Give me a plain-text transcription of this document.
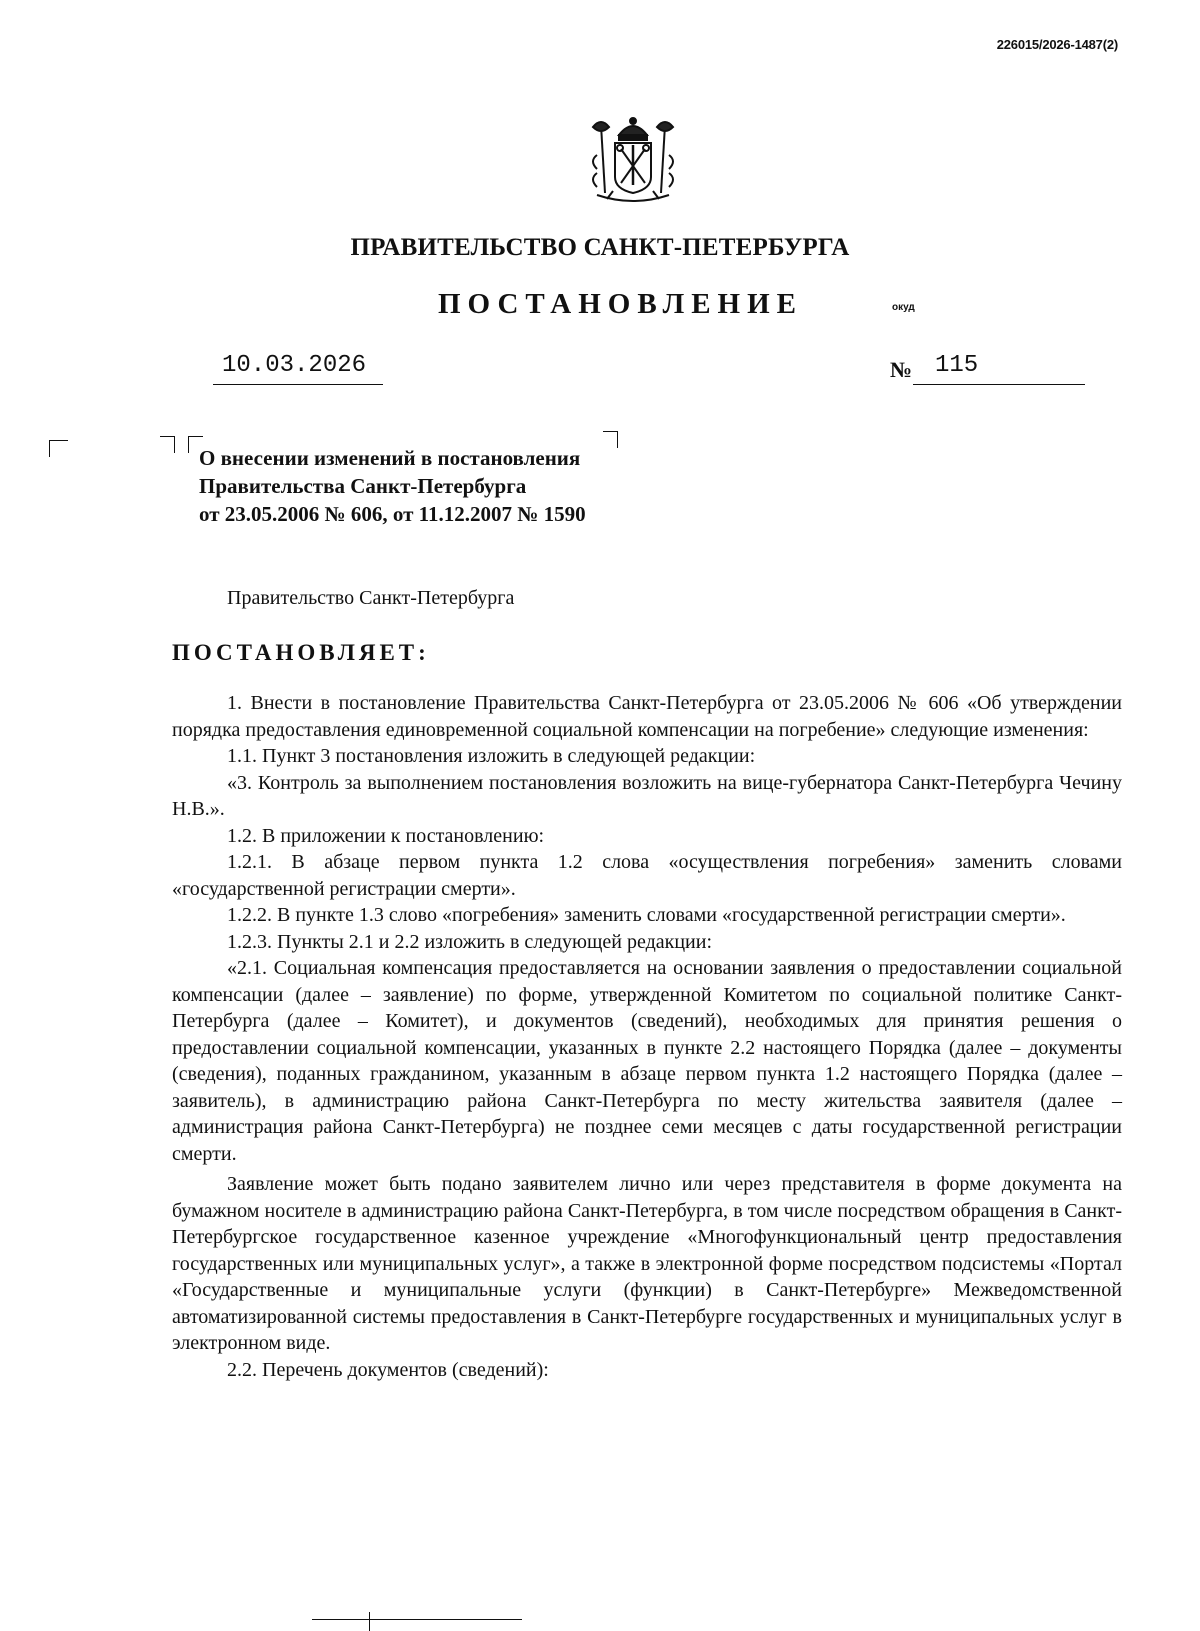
226015/2026-1487(2)
ПРАВИТЕЛЬСТВО САНКТ-ПЕТЕРБУРГА
ПОСТАНОВЛЕНИЕ	окуд
10.03.2026	№ 115
О внесении изменений в постановления
Правительства Санкт-Петербурга
от 23.05.2006 № 606, от 11.12.2007 № 1590
Правительство Санкт-Петербурга
ПОСТАНОВЛЯЕТ:

1. Внести в постановление Правительства Санкт-Петербурга от 23.05.2006 № 606 «Об утверждении порядка предоставления единовременной социальной компенсации на погребение» следующие изменения:

1.1. Пункт 3 постановления изложить в следующей редакции:

«3. Контроль за выполнением постановления возложить на вице-губернатора Санкт-Петербурга Чечину Н.В.».

1.2. В приложении к постановлению:

1.2.1. В абзаце первом пункта 1.2 слова «осуществления погребения» заменить словами «государственной регистрации смерти».

1.2.2. В пункте 1.3 слово «погребения» заменить словами «государственной регистрации смерти».

1.2.3. Пункты 2.1 и 2.2 изложить в следующей редакции:

«2.1. Социальная компенсация предоставляется на основании заявления о предоставлении социальной компенсации (далее – заявление) по форме, утвержденной Комитетом по социальной политике Санкт-Петербурга (далее – Комитет), и документов (сведений), необходимых для принятия решения о предоставлении социальной компенсации, указанных в пункте 2.2 настоящего Порядка (далее – документы (сведения), поданных гражданином, указанным в абзаце первом пункта 1.2 настоящего Порядка (далее – заявитель), в администрацию района Санкт-Петербурга по месту жительства заявителя (далее – администрация района Санкт-Петербурга) не позднее семи месяцев с даты государственной регистрации смерти.

Заявление может быть подано заявителем лично или через представителя в форме документа на бумажном носителе в администрацию района Санкт-Петербурга, в том числе посредством обращения в Санкт-Петербургское государственное казенное учреждение «Многофункциональный центр предоставления государственных или муниципальных услуг», а также в электронной форме посредством подсистемы «Портал «Государственные и муниципальные услуги (функции) в Санкт-Петербурге» Межведомственной автоматизированной системы предоставления в Санкт-Петербурге государственных и муниципальных услуг в электронном виде.

2.2. Перечень документов (сведений):
